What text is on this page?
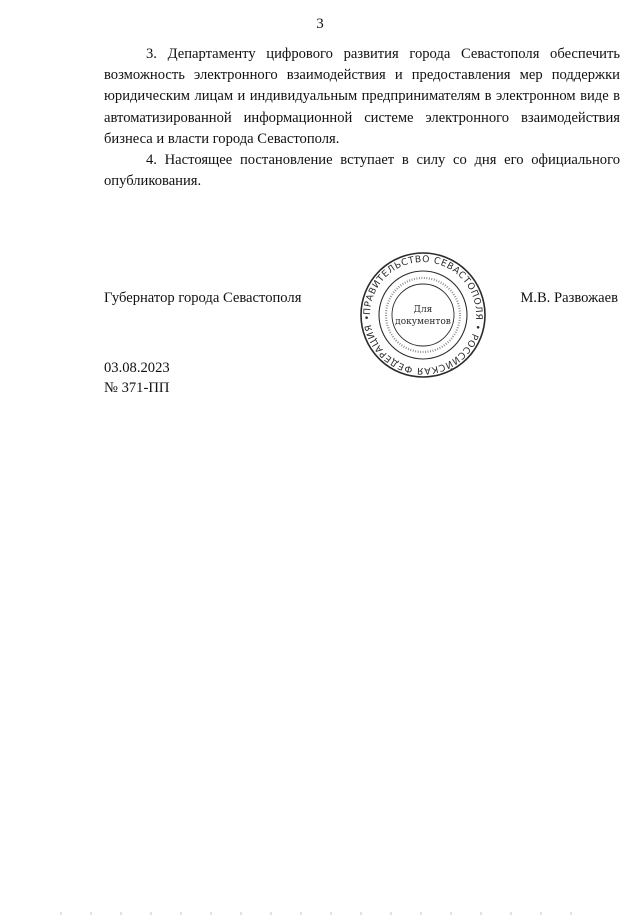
3

3. Департаменту цифрового развития города Севастополя обеспечить возможность электронного взаимодействия и предоставления мер поддержки юридическим лицам и индивидуальным предпринимателям в электронном виде в автоматизированной информационной системе электронного взаимодействия бизнеса и власти города Севастополя.

4. Настоящее постановление вступает в силу со дня его официального опубликования.

Губернатор города Севастополя
ПРАВИТЕЛЬСТВО СЕВАСТОПОЛЯ • РОССИЙСКАЯ ФЕДЕРАЦИЯ •
Для
документов
М.В. Развожаев
03.08.2023
№ 371-ПП
